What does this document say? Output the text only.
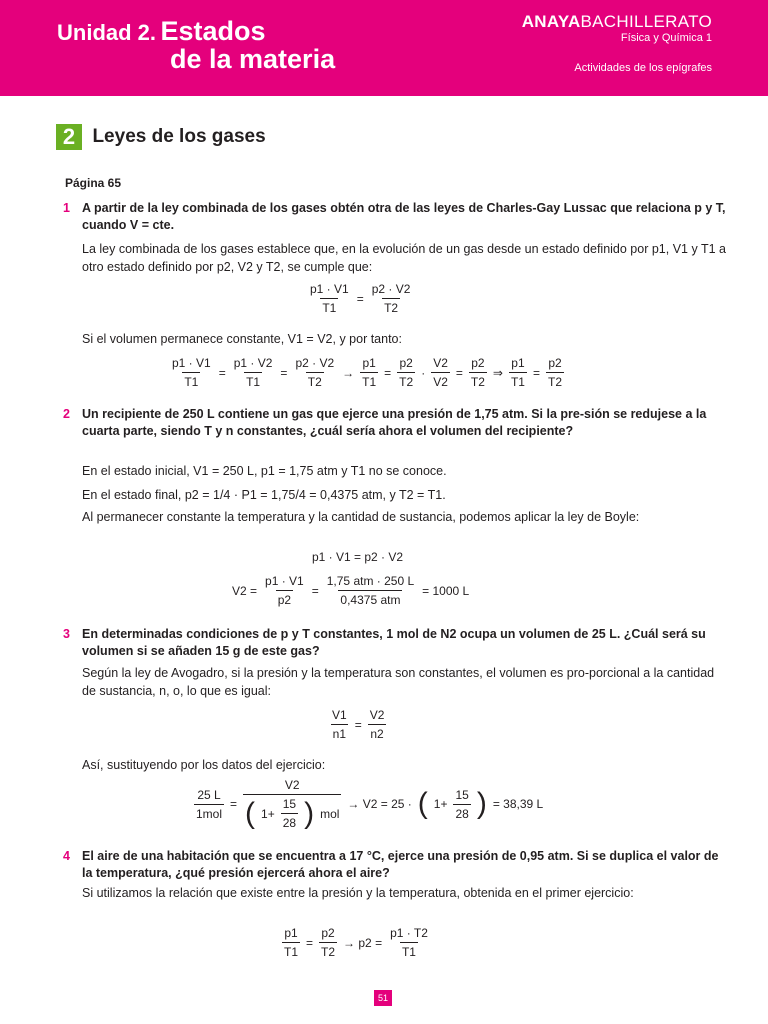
Unidad 2. Estados
de la materia
ANAYABACHILLERATO
Física y Química 1
Actividades de los epígrafes
2 Leyes de los gases
Página 65
1 A partir de la ley combinada de los gases obtén otra de las leyes de Charles-Gay Lussac que relaciona p y T, cuando V = cte.
La ley combinada de los gases establece que, en la evolución de un gas desde un estado definido por p1, V1 y T1 a otro estado definido por p2, V2 y T2, se cumple que:
$\frac{p1 \cdot V1}{T1} = \frac{p2 \cdot V2}{T2}$
Si el volumen permanece constante, V1 = V2, y por tanto:
$\frac{p1 \cdot V1}{T1} = \frac{p1 \cdot V2}{T1} = \frac{p2 \cdot V2}{T2} \to \frac{p1}{T1} = \frac{p2}{T2} \cdot \frac{V2}{V2} = \frac{p2}{T2}$ ⇒ $\frac{p1}{T1} = \frac{p2}{T2}$
2 Un recipiente de 250 L contiene un gas que ejerce una presión de 1,75 atm. Si la pre-sión se redujese a la cuarta parte, siendo T y n constantes, ¿cuál sería ahora el volumen del recipiente?
En el estado inicial, V1 = 250 L, p1 = 1,75 atm y T1 no se conoce.
En el estado final, p2 = 1/4 · P1 = 1,75/4 = 0,4375 atm, y T2 = T1.
Al permanecer constante la temperatura y la cantidad de sustancia, podemos aplicar la ley de Boyle:
p1 · V1 = p2 · V2
$V2 = \frac{p1 \cdot V1}{p2} = \frac{\text{1,75 atm · 250 L}}{\text{0,4375 atm}} = 1000$ L
3 En determinadas condiciones de p y T constantes, 1 mol de N2 ocupa un volumen de 25 L. ¿Cuál será su volumen si se añaden 15 g de este gas?
Según la ley de Avogadro, si la presión y la temperatura son constantes, el volumen es pro-porcional a la cantidad de sustancia, n, o, lo que es igual:
$\frac{V1}{n1} = \frac{V2}{n2}$
Así, sustituyendo por los datos del ejercicio:
$\frac{25 L}{\text{1mol}} = \frac{V2}{( 1+ \frac{15}{28} ) mol} \to V2 = 25$ · ( $1+ \frac{15}{28}$ ) = 38,39 L
4 El aire de una habitación que se encuentra a 17 °C, ejerce una presión de 0,95 atm. Si se duplica el valor de la temperatura, ¿qué presión ejercerá ahora el aire?
Si utilizamos la relación que existe entre la presión y la temperatura, obtenida en el primer ejercicio:
$\frac{p1}{T1} = \frac{p2}{T2} \to p2 = \frac{p1 \cdot T2}{T1}$
51
